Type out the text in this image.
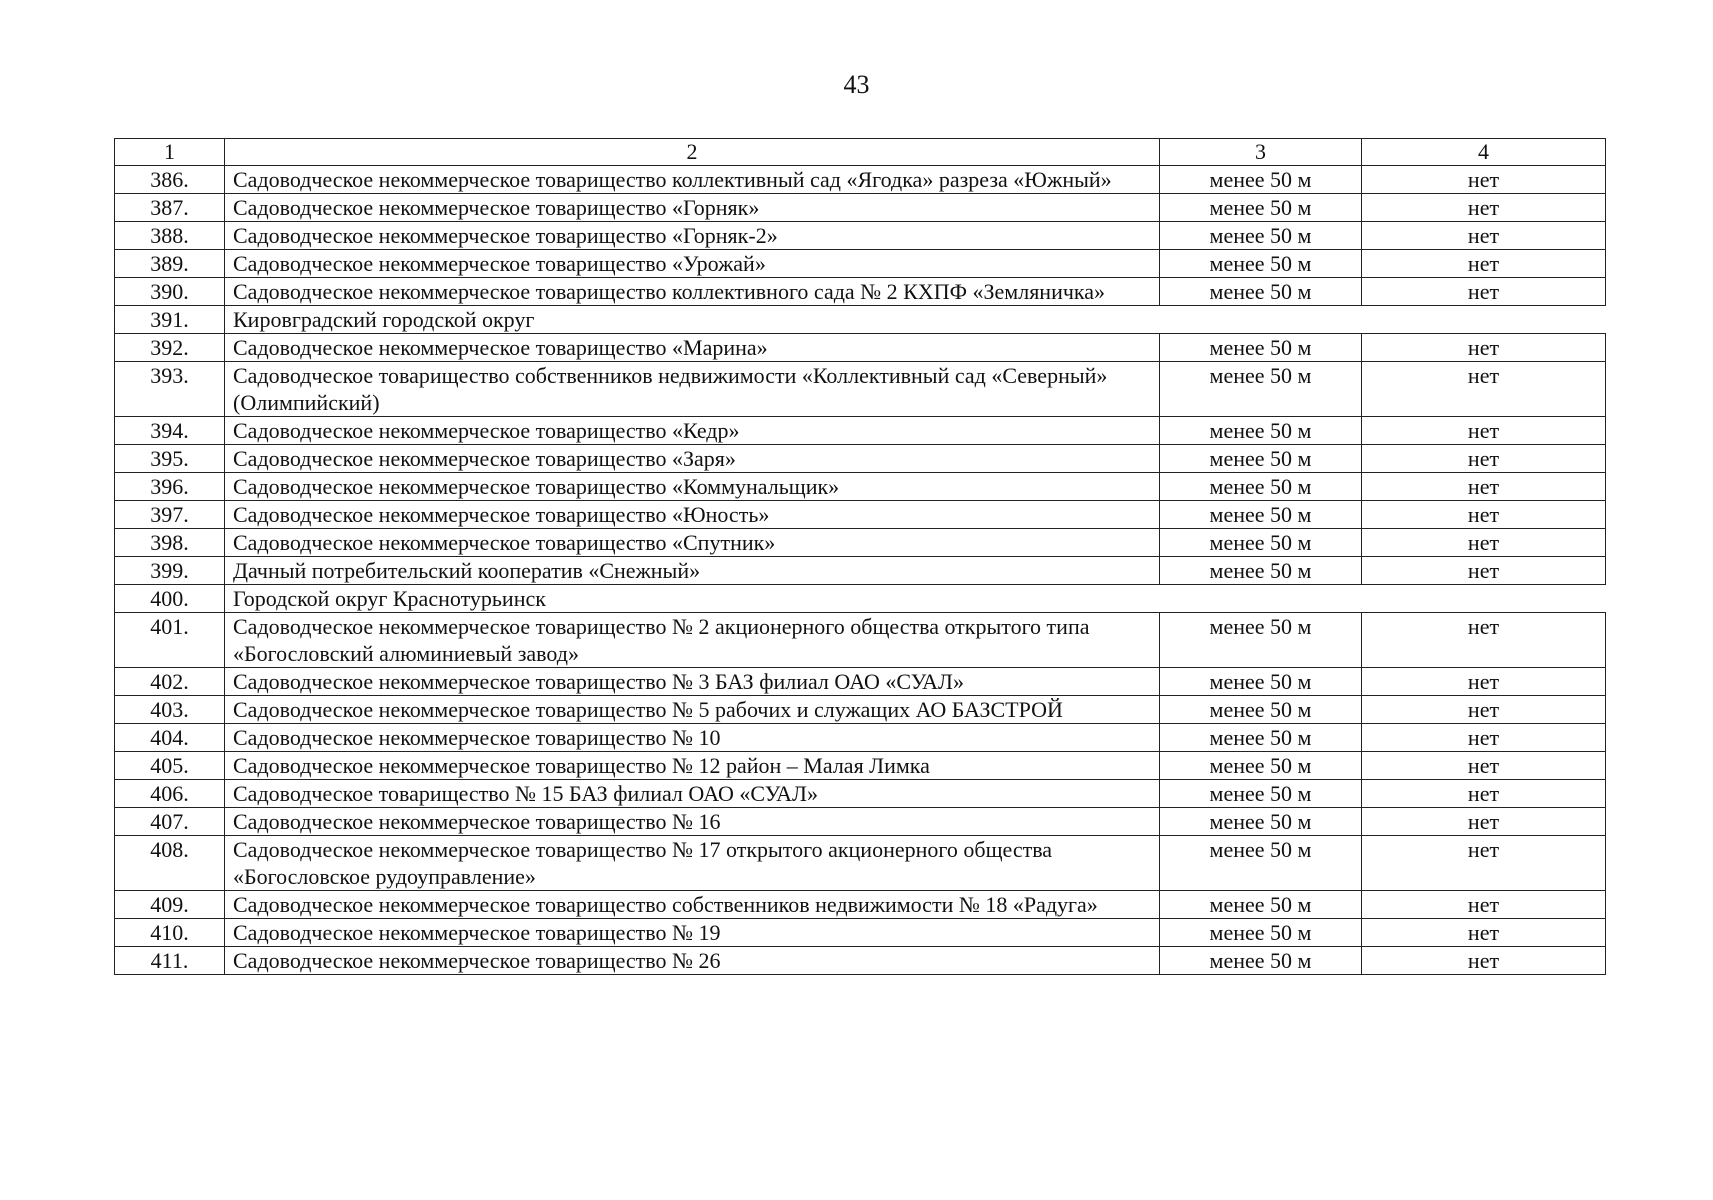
43
1	2	3	4
386.	Садоводческое некоммерческое товарищество коллективный сад «Ягодка» разреза «Южный»	менее 50 м	нет
387.	Садоводческое некоммерческое товарищество «Горняк»	менее 50 м	нет
388.	Садоводческое некоммерческое товарищество «Горняк-2»	менее 50 м	нет
389.	Садоводческое некоммерческое товарищество «Урожай»	менее 50 м	нет
390.	Садоводческое некоммерческое товарищество коллективного сада № 2 КХПФ «Земляничка»	менее 50 м	нет
391.	Кировградский городской округ		
392.	Садоводческое некоммерческое товарищество «Марина»	менее 50 м	нет
393.	Садоводческое товарищество собственников недвижимости «Коллективный сад «Северный» (Олимпийский)	менее 50 м	нет
394.	Садоводческое некоммерческое товарищество «Кедр»	менее 50 м	нет
395.	Садоводческое некоммерческое товарищество «Заря»	менее 50 м	нет
396.	Садоводческое некоммерческое товарищество «Коммунальщик»	менее 50 м	нет
397.	Садоводческое некоммерческое товарищество «Юность»	менее 50 м	нет
398.	Садоводческое некоммерческое товарищество «Спутник»	менее 50 м	нет
399.	Дачный потребительский кооператив «Снежный»	менее 50 м	нет
400.	Городской округ Краснотурьинск		
401.	Садоводческое некоммерческое товарищество № 2 акционерного общества открытого типа «Богословский алюминиевый завод»	менее 50 м	нет
402.	Садоводческое некоммерческое товарищество № 3 БАЗ филиал ОАО «СУАЛ»	менее 50 м	нет
403.	Садоводческое некоммерческое товарищество № 5 рабочих и служащих АО БАЗСТРОЙ	менее 50 м	нет
404.	Садоводческое некоммерческое товарищество № 10	менее 50 м	нет
405.	Садоводческое некоммерческое товарищество № 12 район – Малая Лимка	менее 50 м	нет
406.	Садоводческое товарищество № 15 БАЗ филиал ОАО «СУАЛ»	менее 50 м	нет
407.	Садоводческое некоммерческое товарищество № 16	менее 50 м	нет
408.	Садоводческое некоммерческое товарищество № 17 открытого акционерного общества «Богословское рудоуправление»	менее 50 м	нет
409.	Садоводческое некоммерческое товарищество собственников недвижимости № 18 «Радуга»	менее 50 м	нет
410.	Садоводческое некоммерческое товарищество № 19	менее 50 м	нет
411.	Садоводческое некоммерческое товарищество № 26	менее 50 м	нет
